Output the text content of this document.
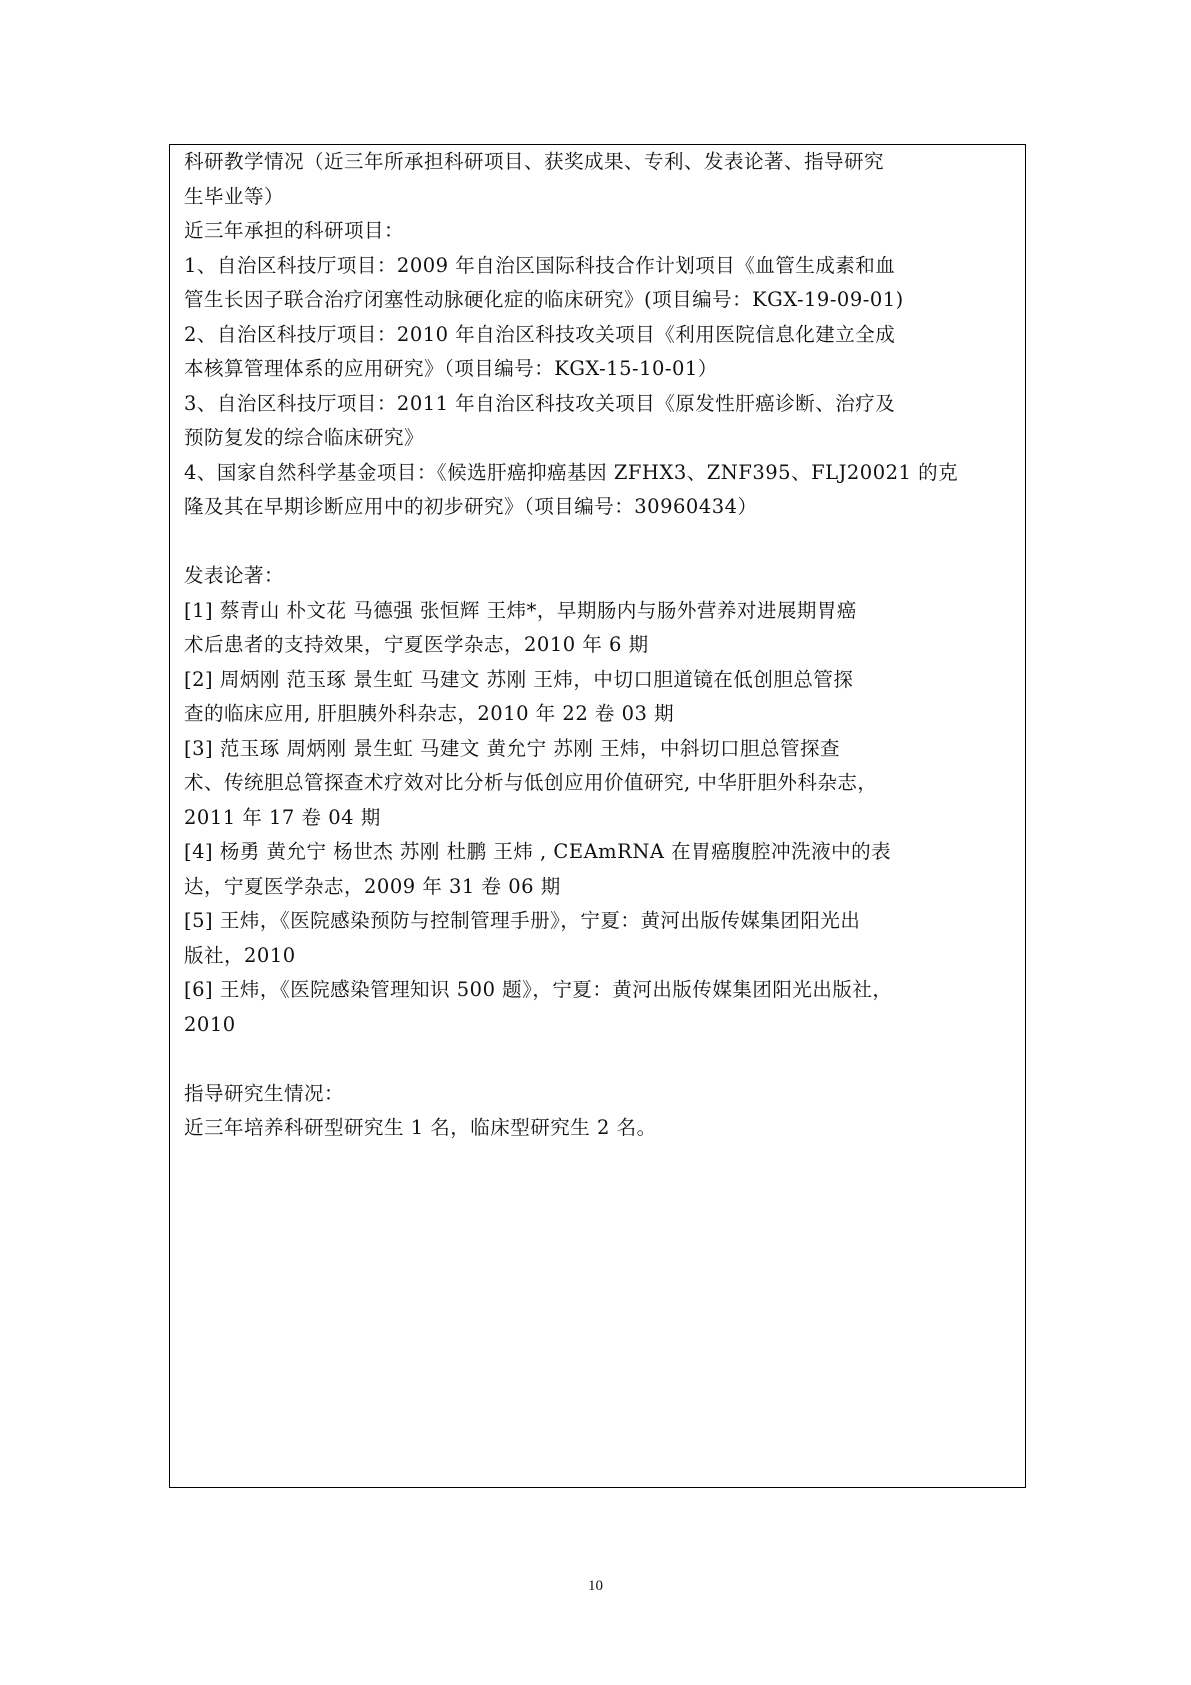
科研教学情况（近三年所承担科研项目、获奖成果、专利、发表论著、指导研究
生毕业等）
近三年承担的科研项目：
1、自治区科技厅项目：2009 年自治区国际科技合作计划项目《血管生成素和血
管生长因子联合治疗闭塞性动脉硬化症的临床研究》(项目编号：KGX-19-09-01)
2、自治区科技厅项目：2010 年自治区科技攻关项目《利用医院信息化建立全成
本核算管理体系的应用研究》（项目编号：KGX-15-10-01）
3、自治区科技厅项目：2011 年自治区科技攻关项目《原发性肝癌诊断、治疗及
预防复发的综合临床研究》
4、国家自然科学基金项目：《候选肝癌抑癌基因 ZFHX3、ZNF395、FLJ20021 的克
隆及其在早期诊断应用中的初步研究》（项目编号：30960434）
发表论著：
[1] 蔡青山 朴文花 马德强 张恒辉 王炜*，早期肠内与肠外营养对进展期胃癌
术后患者的支持效果，宁夏医学杂志，2010 年 6 期
[2] 周炳刚 范玉琢 景生虹 马建文 苏刚 王炜，中切口胆道镜在低创胆总管探
查的临床应用, 肝胆胰外科杂志，2010 年 22 卷 03 期
[3] 范玉琢 周炳刚 景生虹 马建文 黄允宁 苏刚 王炜，中斜切口胆总管探查
术、传统胆总管探查术疗效对比分析与低创应用价值研究, 中华肝胆外科杂志，
2011 年 17 卷 04 期
[4] 杨勇 黄允宁 杨世杰 苏刚 杜鹏 王炜 , CEAmRNA 在胃癌腹腔冲洗液中的表
达，宁夏医学杂志，2009 年 31 卷 06 期
[5] 王炜，《医院感染预防与控制管理手册》，宁夏：黄河出版传媒集团阳光出
版社，2010
[6] 王炜，《医院感染管理知识 500 题》，宁夏：黄河出版传媒集团阳光出版社，
2010
指导研究生情况：
近三年培养科研型研究生 1 名，临床型研究生 2 名。
10
